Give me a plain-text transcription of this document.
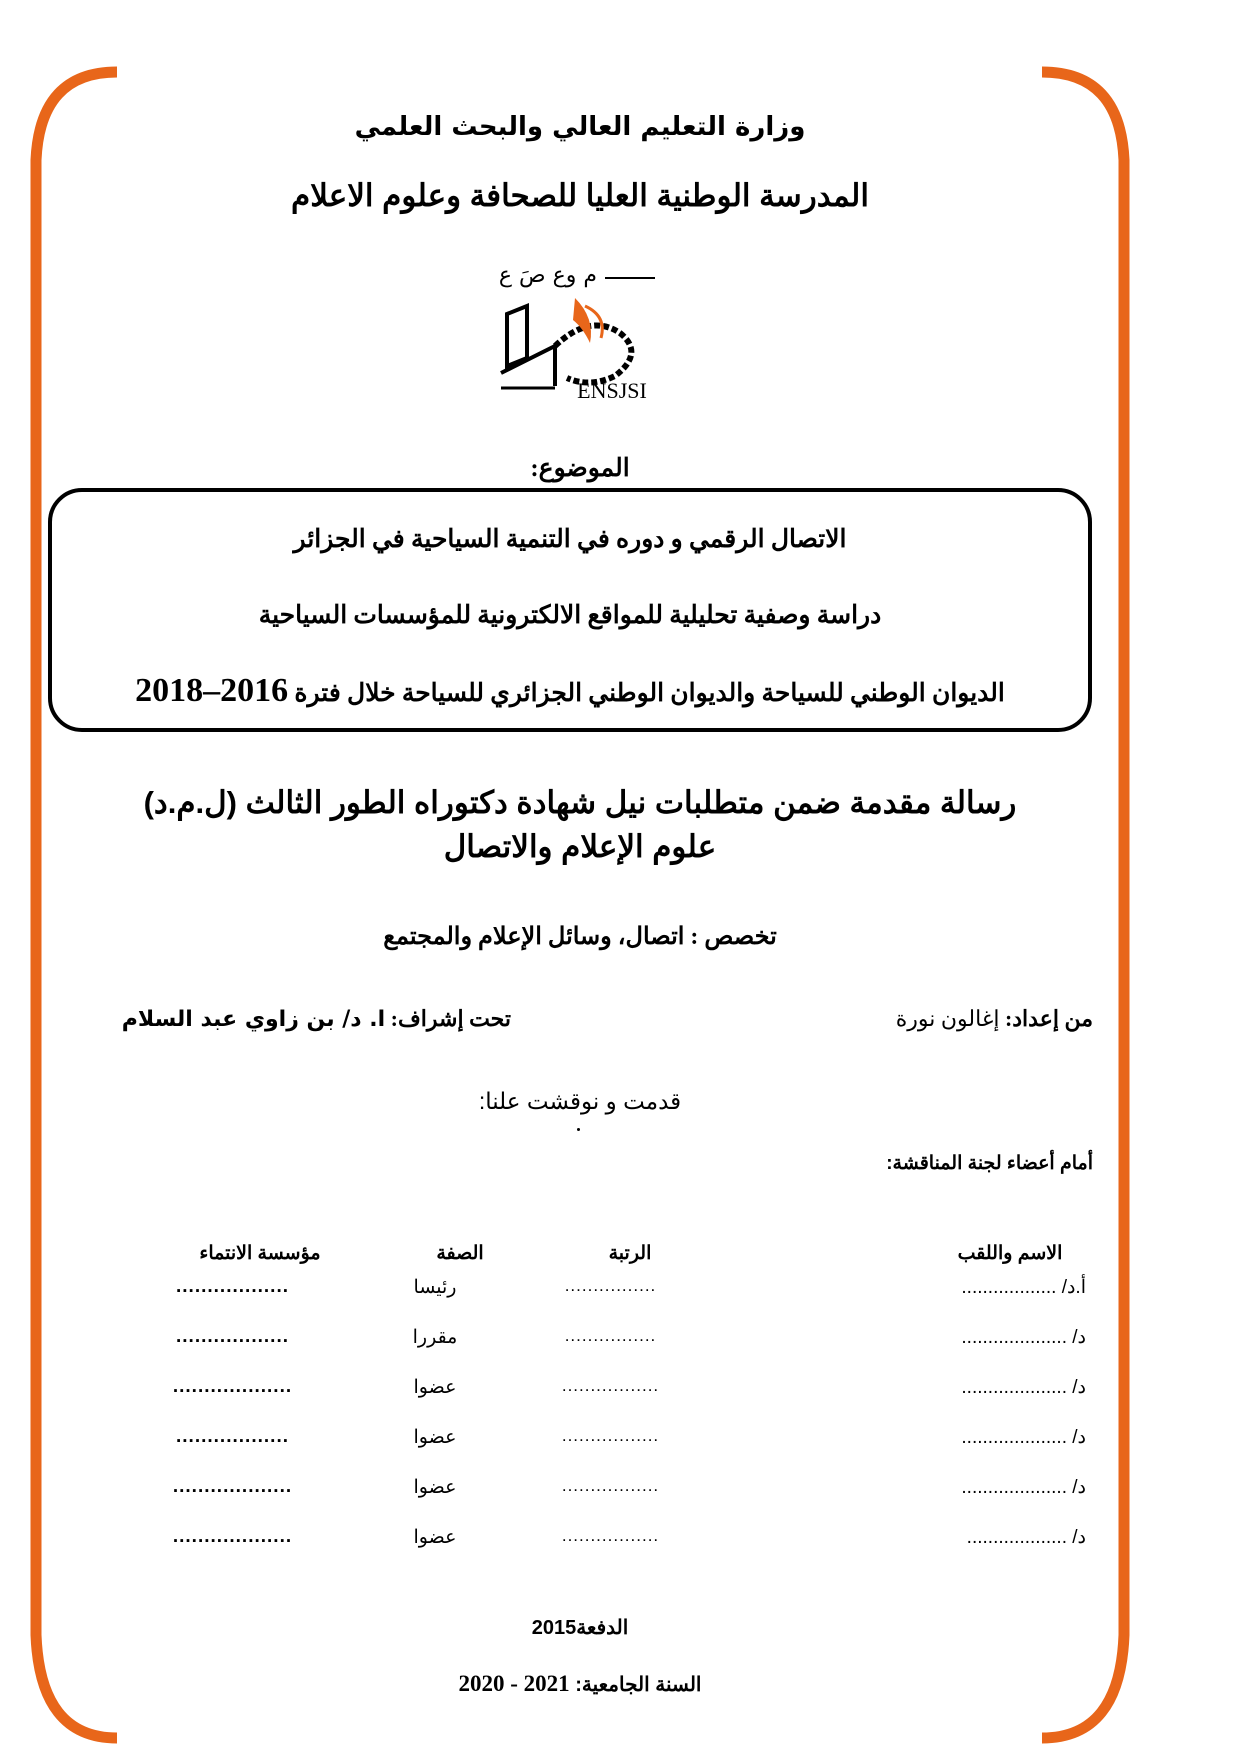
وزارة التعليم العالي والبحث العلمي
المدرسة الوطنية العليا للصحافة وعلوم الاعلام
م وع صَ ع إ
ENSJSI
الموضوع:
الاتصال الرقمي و دوره في التنمية السياحية في الجزائر
دراسة وصفية تحليلية للمواقع الالكترونية للمؤسسات السياحية
الديوان الوطني للسياحة والديوان الوطني الجزائري للسياحة خلال فترة 2016–2018
رسالة مقدمة ضمن متطلبات نيل شهادة دكتوراه الطور الثالث (ل.م.د)
علوم الإعلام والاتصال
تخصص : اتصال، وسائل الإعلام والمجتمع
من إعداد: إغالون نورة
تحت إشراف: ا. د/ بن زاوي عبد السلام
قدمت و نوقشت علنا:
أمام أعضاء لجنة المناقشة:
الاسم واللقب
الرتبة
الصفة
مؤسسة الانتماء
أ.د/ ..................
................
رئيسا
..................
د/ ....................
................
مقررا
..................
د/ ....................
.................
عضوا
...................
د/ ....................
.................
عضوا
..................
د/ ....................
.................
عضوا
...................
د/ ...................
.................
عضوا
...................
الدفعة2015
السنة الجامعية: 2020 - 2021
